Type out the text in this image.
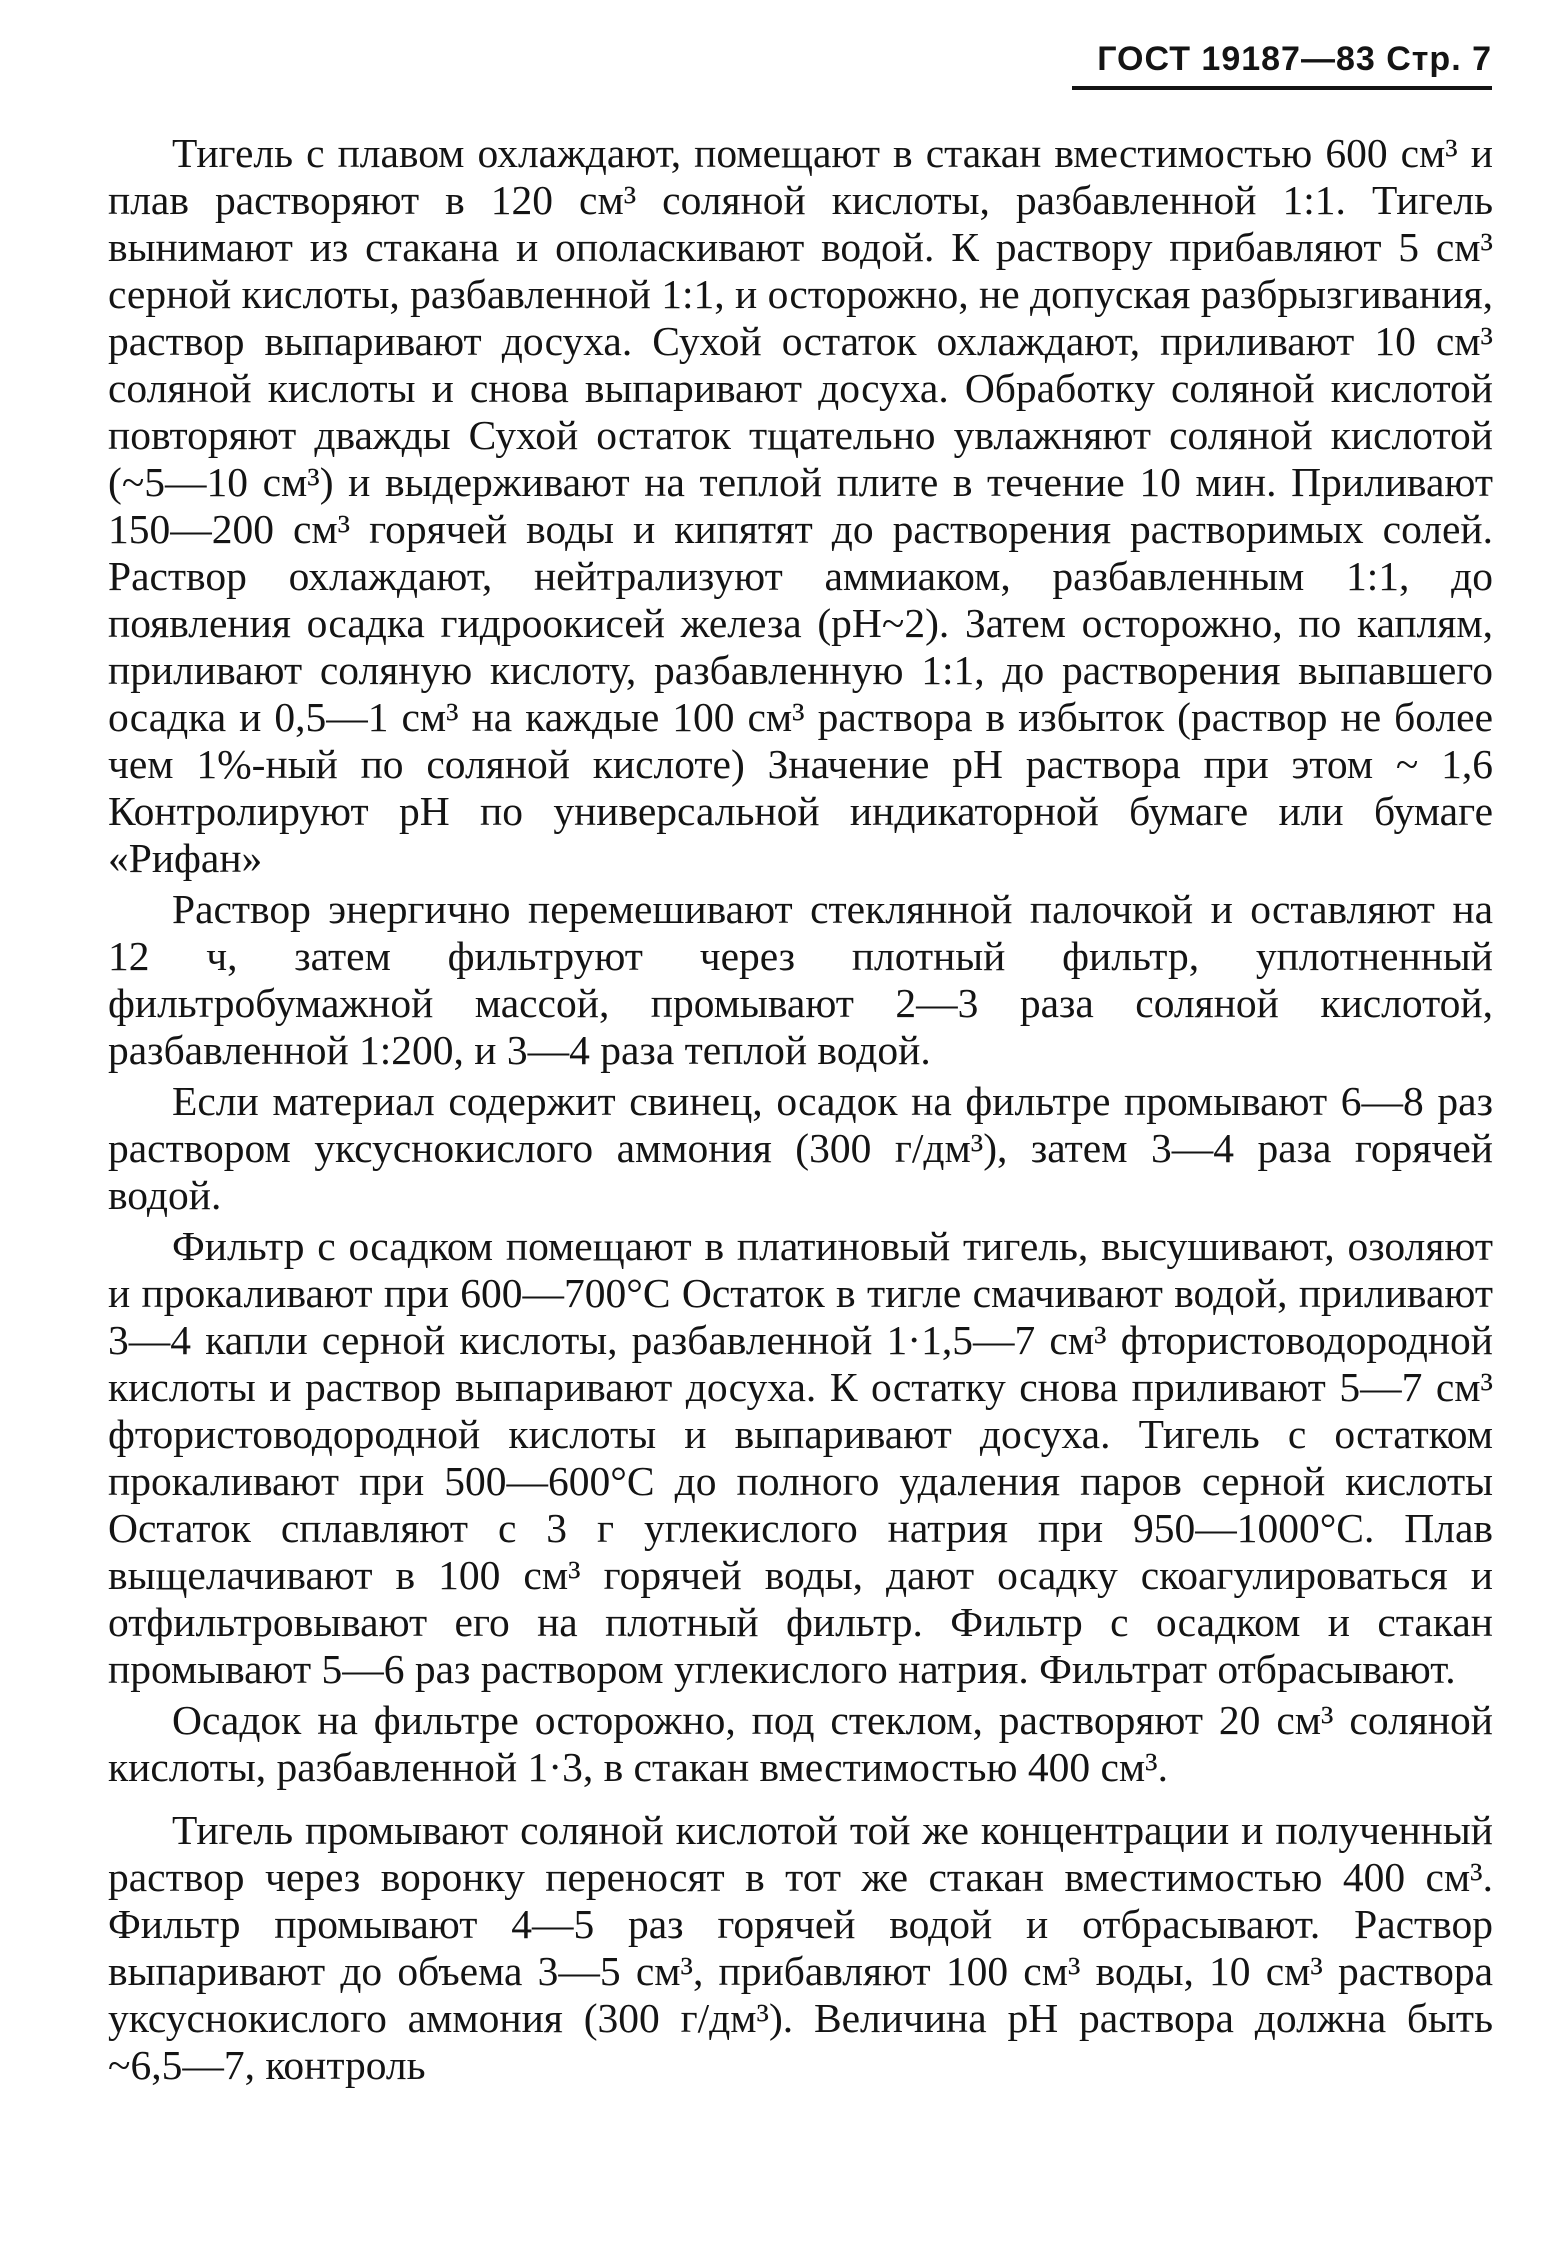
ГОСТ 19187—83 Стр. 7

Тигель с плавом охлаждают, помещают в стакан вместимостью 600 см³ и плав растворяют в 120 см³ соляной кислоты, разбавленной 1:1. Тигель вынимают из стакана и ополаскивают водой. К раствору прибавляют 5 см³ серной кислоты, разбавленной 1:1, и осторожно, не допуская разбрызгивания, раствор выпаривают досуха. Сухой остаток охлаждают, приливают 10 см³ соляной кислоты и снова выпаривают досуха. Обработку соляной кислотой повторяют дважды Сухой остаток тщательно увлажняют соляной кислотой (~5—10 см³) и выдерживают на теплой плите в течение 10 мин. Приливают 150—200 см³ горячей воды и кипятят до растворения растворимых солей. Раствор охлаждают, нейтрализуют аммиаком, разбавленным 1:1, до появления осадка гидроокисей железа (рН~2). Затем осторожно, по каплям, приливают соляную кислоту, разбавленную 1:1, до растворения выпавшего осадка и 0,5—1 см³ на каждые 100 см³ раствора в избыток (раствор не более чем 1%-ный по соляной кислоте) Значение рН раствора при этом ~ 1,6 Контролируют рН по универсальной индикаторной бумаге или бумаге «Рифан»

Раствор энергично перемешивают стеклянной палочкой и оставляют на 12 ч, затем фильтруют через плотный фильтр, уплотненный фильтробумажной массой, промывают 2—3 раза соляной кислотой, разбавленной 1:200, и 3—4 раза теплой водой.

Если материал содержит свинец, осадок на фильтре промывают 6—8 раз раствором уксуснокислого аммония (300 г/дм³), затем 3—4 раза горячей водой.

Фильтр с осадком помещают в платиновый тигель, высушивают, озоляют и прокаливают при 600—700°С Остаток в тигле смачивают водой, приливают 3—4 капли серной кислоты, разбавленной 1·1,5—7 см³ фтористоводородной кислоты и раствор выпаривают досуха. К остатку снова приливают 5—7 см³ фтористоводородной кислоты и выпаривают досуха. Тигель с остатком прокаливают при 500—600°С до полного удаления паров серной кислоты Остаток сплавляют с 3 г углекислого натрия при 950—1000°С. Плав выщелачивают в 100 см³ горячей воды, дают осадку скоагулироваться и отфильтровывают его на плотный фильтр. Фильтр с осадком и стакан промывают 5—6 раз раствором углекислого натрия. Фильтрат отбрасывают.

Осадок на фильтре осторожно, под стеклом, растворяют 20 см³ соляной кислоты, разбавленной 1·3, в стакан вместимостью 400 см³.

Тигель промывают соляной кислотой той же концентрации и полученный раствор через воронку переносят в тот же стакан вместимостью 400 см³. Фильтр промывают 4—5 раз горячей водой и отбрасывают. Раствор выпаривают до объема 3—5 см³, прибавляют 100 см³ воды, 10 см³ раствора уксуснокислого аммония (300 г/дм³). Величина рН раствора должна быть ~6,5—7, контроль
